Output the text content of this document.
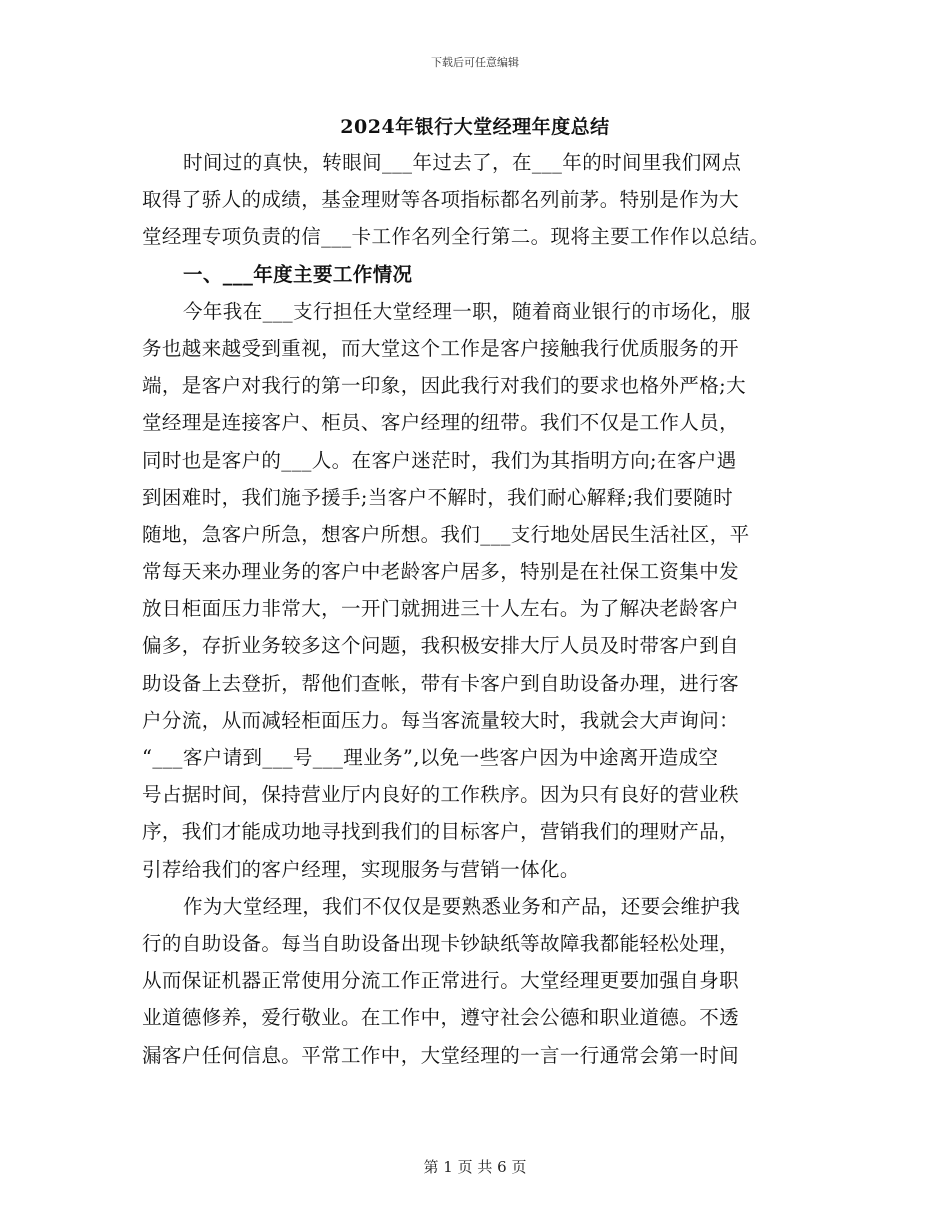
下载后可任意编辑
2024年银行大堂经理年度总结
时间过的真快，转眼间___年过去了，在___年的时间里我们网点
取得了骄人的成绩，基金理财等各项指标都名列前茅。特别是作为大
堂经理专项负责的信___卡工作名列全行第二。现将主要工作作以总结。
一、___年度主要工作情况
今年我在___支行担任大堂经理一职，随着商业银行的市场化，服
务也越来越受到重视，而大堂这个工作是客户接触我行优质服务的开
端，是客户对我行的第一印象，因此我行对我们的要求也格外严格;大
堂经理是连接客户、柜员、客户经理的纽带。我们不仅是工作人员，
同时也是客户的___人。在客户迷茫时，我们为其指明方向;在客户遇
到困难时，我们施予援手;当客户不解时，我们耐心解释;我们要随时
随地，急客户所急，想客户所想。我们___支行地处居民生活社区，平
常每天来办理业务的客户中老龄客户居多，特别是在社保工资集中发
放日柜面压力非常大，一开门就拥进三十人左右。为了解决老龄客户
偏多，存折业务较多这个问题，我积极安排大厅人员及时带客户到自
助设备上去登折，帮他们查帐，带有卡客户到自助设备办理，进行客
户分流，从而减轻柜面压力。每当客流量较大时，我就会大声询问：
“___客户请到___号___理业务”,以免一些客户因为中途离开造成空
号占据时间，保持营业厅内良好的工作秩序。因为只有良好的营业秩
序，我们才能成功地寻找到我们的目标客户，营销我们的理财产品，
引荐给我们的客户经理，实现服务与营销一体化。
作为大堂经理，我们不仅仅是要熟悉业务和产品，还要会维护我
行的自助设备。每当自助设备出现卡钞缺纸等故障我都能轻松处理，
从而保证机器正常使用分流工作正常进行。大堂经理更要加强自身职
业道德修养，爱行敬业。在工作中，遵守社会公德和职业道德。不透
漏客户任何信息。平常工作中，大堂经理的一言一行通常会第一时间
第 1 页 共 6 页
